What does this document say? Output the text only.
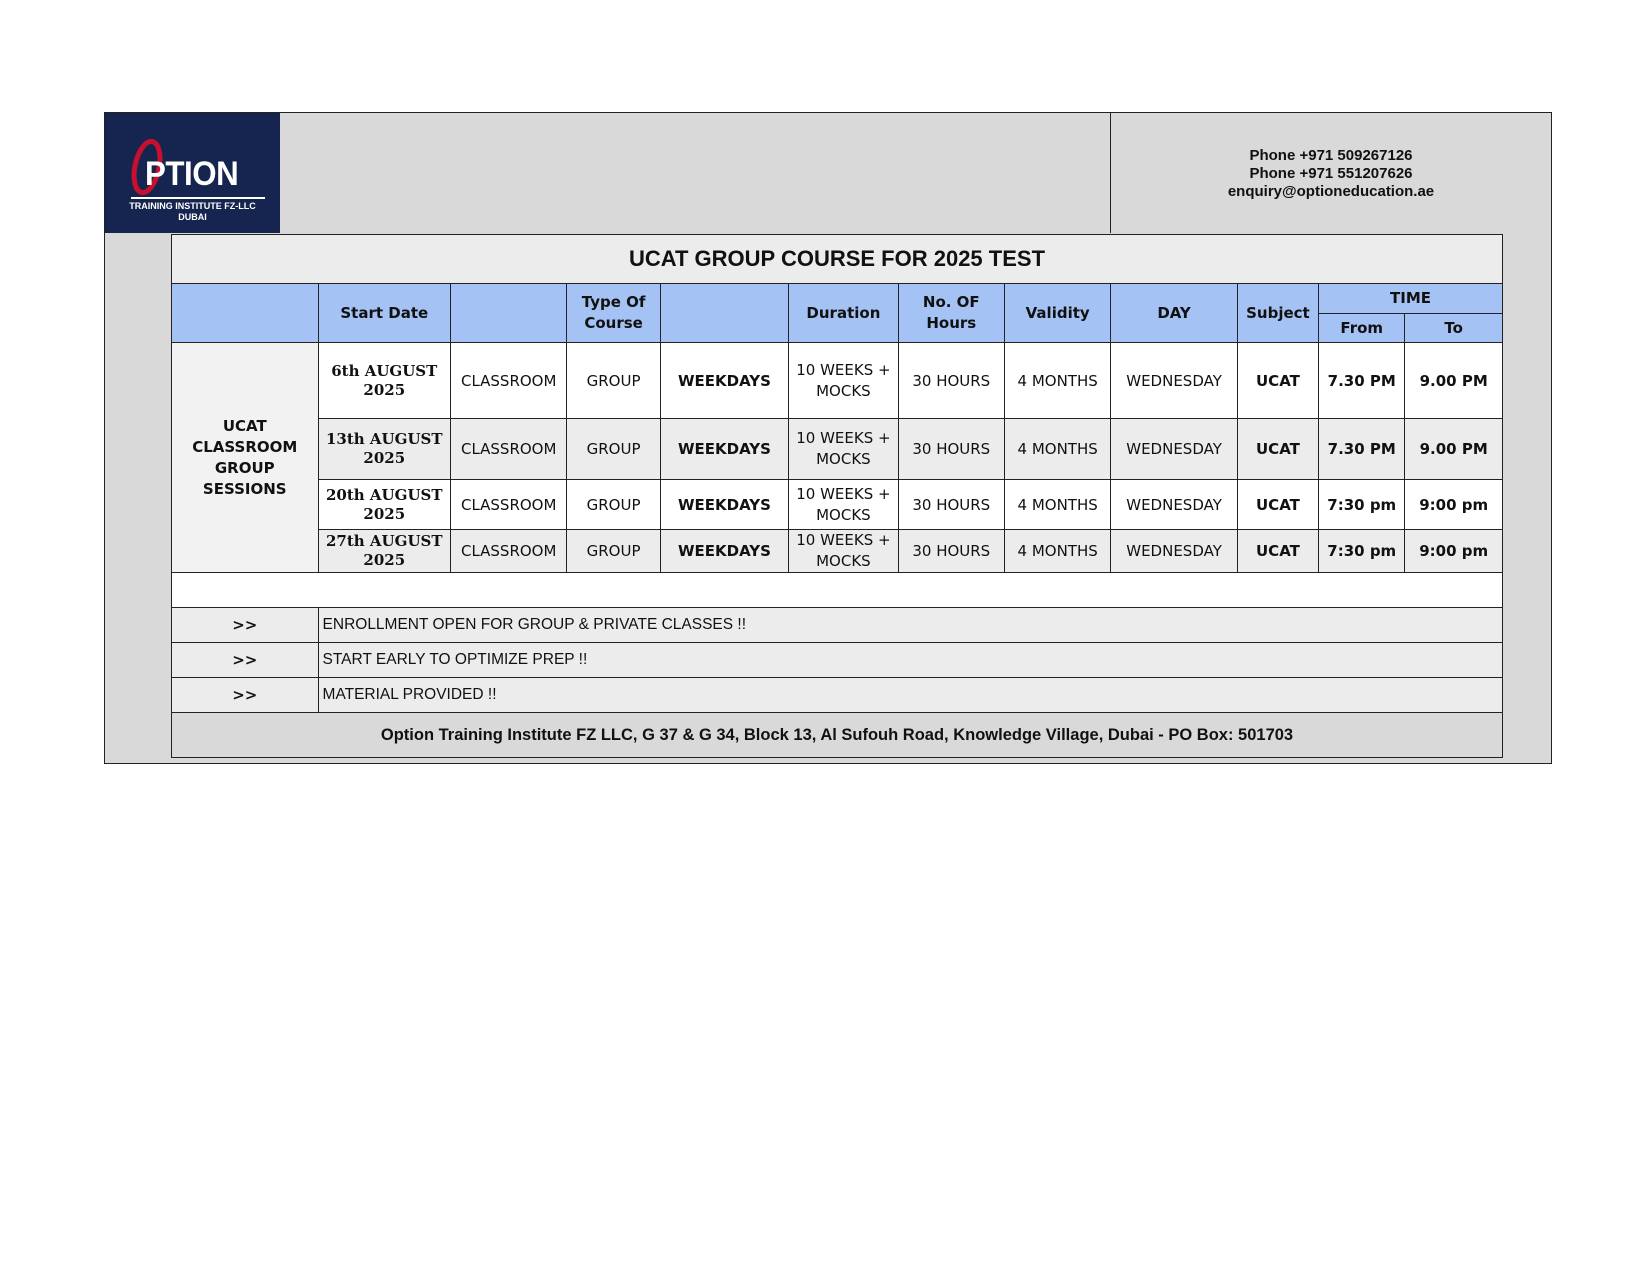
PTION
TRAINING INSTITUTE FZ-LLC
DUBAI
Phone +971 509267126
Phone +971 551207626
enquiry@optioneducation.ae
UCAT GROUP COURSE FOR 2025 TEST											
	Start Date		Type Of Course		Duration	No. OF Hours	Validity	DAY	Subject	TIME	
										From	To
UCAT CLASSROOM GROUP SESSIONS	6th AUGUST 2025	CLASSROOM	GROUP	WEEKDAYS	10 WEEKS + MOCKS	30 HOURS	4 MONTHS	WEDNESDAY	UCAT	7.30 PM	9.00 PM
	13th AUGUST 2025	CLASSROOM	GROUP	WEEKDAYS	10 WEEKS + MOCKS	30 HOURS	4 MONTHS	WEDNESDAY	UCAT	7.30 PM	9.00 PM
	20th AUGUST 2025	CLASSROOM	GROUP	WEEKDAYS	10 WEEKS + MOCKS	30 HOURS	4 MONTHS	WEDNESDAY	UCAT	7:30 pm	9:00 pm
	27th AUGUST 2025	CLASSROOM	GROUP	WEEKDAYS	10 WEEKS + MOCKS	30 HOURS	4 MONTHS	WEDNESDAY	UCAT	7:30 pm	9:00 pm

>>	ENROLLMENT OPEN FOR GROUP & PRIVATE CLASSES !!										
>>	START EARLY TO OPTIMIZE PREP !!										
>>	MATERIAL PROVIDED !!										
Option Training Institute FZ LLC, G 37 & G 34, Block 13, Al Sufouh Road, Knowledge Village, Dubai - PO Box: 501703											
